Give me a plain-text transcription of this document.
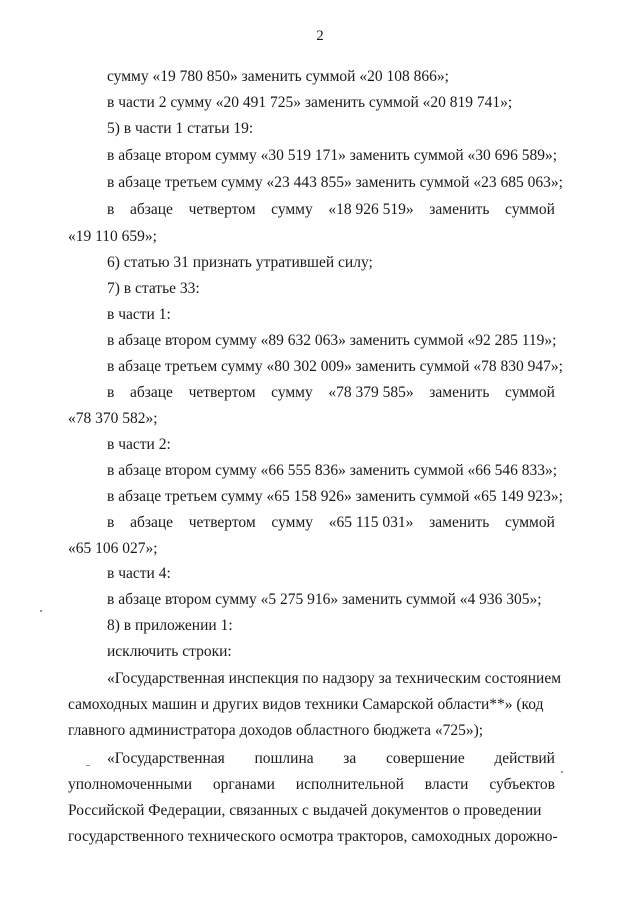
2
сумму «19 780 850» заменить суммой «20 108 866»;
в части 2 сумму «20 491 725» заменить суммой «20 819 741»;
5) в части 1 статьи 19:
в абзаце втором сумму «30 519 171» заменить суммой «30 696 589»;
в абзаце третьем сумму «23 443 855» заменить суммой «23 685 063»;
в абзаце четвертом сумму «18 926 519» заменить суммой
«19 110 659»;
6) статью 31 признать утратившей силу;
7) в статье 33:
в части 1:
в абзаце втором сумму «89 632 063» заменить суммой «92 285 119»;
в абзаце третьем сумму «80 302 009» заменить суммой «78 830 947»;
в абзаце четвертом сумму «78 379 585» заменить суммой
«78 370 582»;
в части 2:
в абзаце втором сумму «66 555 836» заменить суммой «66 546 833»;
в абзаце третьем сумму «65 158 926» заменить суммой «65 149 923»;
в абзаце четвертом сумму «65 115 031» заменить суммой
«65 106 027»;
в части 4:
в абзаце втором сумму «5 275 916» заменить суммой «4 936 305»;
8) в приложении 1:
исключить строки:
«Государственная инспекция по надзору за техническим состоянием
самоходных машин и других видов техники Самарской области**» (код
главного администратора доходов областного бюджета «725»);
«Государственная пошлина за совершение действий
уполномоченными органами исполнительной власти субъектов
Российской Федерации, связанных с выдачей документов о проведении
государственного технического осмотра тракторов, самоходных дорожно-
